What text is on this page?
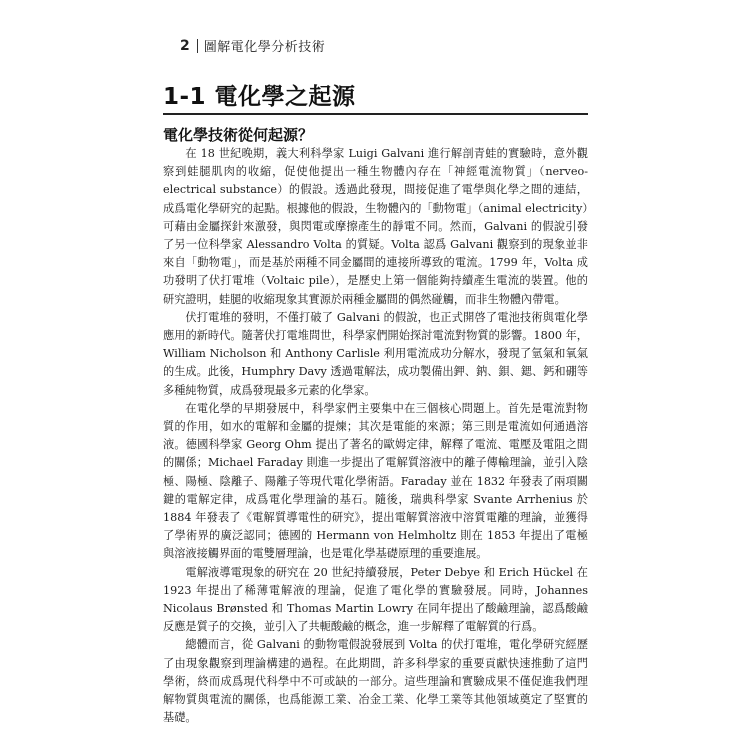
2 圖解電化學分析技術
1-1 電化學之起源
電化學技術從何起源？

在 18 世紀晚期，義大利科學家 Luigi Galvani 進行解剖青蛙的實驗時，意外觀察到蛙腿肌肉的收縮，促使他提出一種生物體內存在「神經電流物質」（nerveo-electrical substance）的假設。透過此發現，間接促進了電學與化學之間的連結，成爲電化學研究的起點。根據他的假設，生物體內的「動物電」（animal electricity）可藉由金屬探針來激發，與閃電或摩擦產生的靜電不同。然而，Galvani 的假說引發了另一位科學家 Alessandro Volta 的質疑。Volta 認爲 Galvani 觀察到的現象並非來自「動物電」，而是基於兩種不同金屬間的連接所導致的電流。1799 年，Volta 成功發明了伏打電堆（Voltaic pile），是歷史上第一個能夠持續產生電流的裝置。他的研究證明，蛙腿的收縮現象其實源於兩種金屬間的偶然碰觸，而非生物體內帶電。

伏打電堆的發明，不僅打破了 Galvani 的假說，也正式開啓了電池技術與電化學應用的新時代。隨著伏打電堆問世，科學家們開始探討電流對物質的影響。1800 年，William Nicholson 和 Anthony Carlisle 利用電流成功分解水，發現了氫氣和氧氣的生成。此後，Humphry Davy 透過電解法，成功製備出鉀、鈉、鋇、鍶、鈣和硼等多種純物質，成爲發現最多元素的化學家。

在電化學的早期發展中，科學家們主要集中在三個核心問題上。首先是電流對物質的作用，如水的電解和金屬的提煉；其次是電能的來源；第三則是電流如何通過溶液。德國科學家 Georg Ohm 提出了著名的歐姆定律，解釋了電流、電壓及電阻之間的關係；Michael Faraday 則進一步提出了電解質溶液中的離子傳輸理論，並引入陰極、陽極、陰離子、陽離子等現代電化學術語。Faraday 並在 1832 年發表了兩項關鍵的電解定律，成爲電化學理論的基石。隨後，瑞典科學家 Svante Arrhenius 於 1884 年發表了《電解質導電性的研究》，提出電解質溶液中溶質電離的理論，並獲得了學術界的廣泛認同；德國的 Hermann von Helmholtz 則在 1853 年提出了電極與溶液接觸界面的電雙層理論，也是電化學基礎原理的重要進展。

電解液導電現象的研究在 20 世紀持續發展，Peter Debye 和 Erich Hückel 在 1923 年提出了稀薄電解液的理論，促進了電化學的實驗發展。同時，Johannes Nicolaus Brønsted 和 Thomas Martin Lowry 在同年提出了酸鹼理論，認爲酸鹼反應是質子的交換，並引入了共軛酸鹼的概念，進一步解釋了電解質的行爲。

總體而言，從 Galvani 的動物電假說發展到 Volta 的伏打電堆，電化學研究經歷了由現象觀察到理論構建的過程。在此期間，許多科學家的重要貢獻快速推動了這門學術，終而成爲現代科學中不可或缺的一部分。這些理論和實驗成果不僅促進我們理解物質與電流的關係，也爲能源工業、冶金工業、化學工業等其他領域奠定了堅實的基礎。
